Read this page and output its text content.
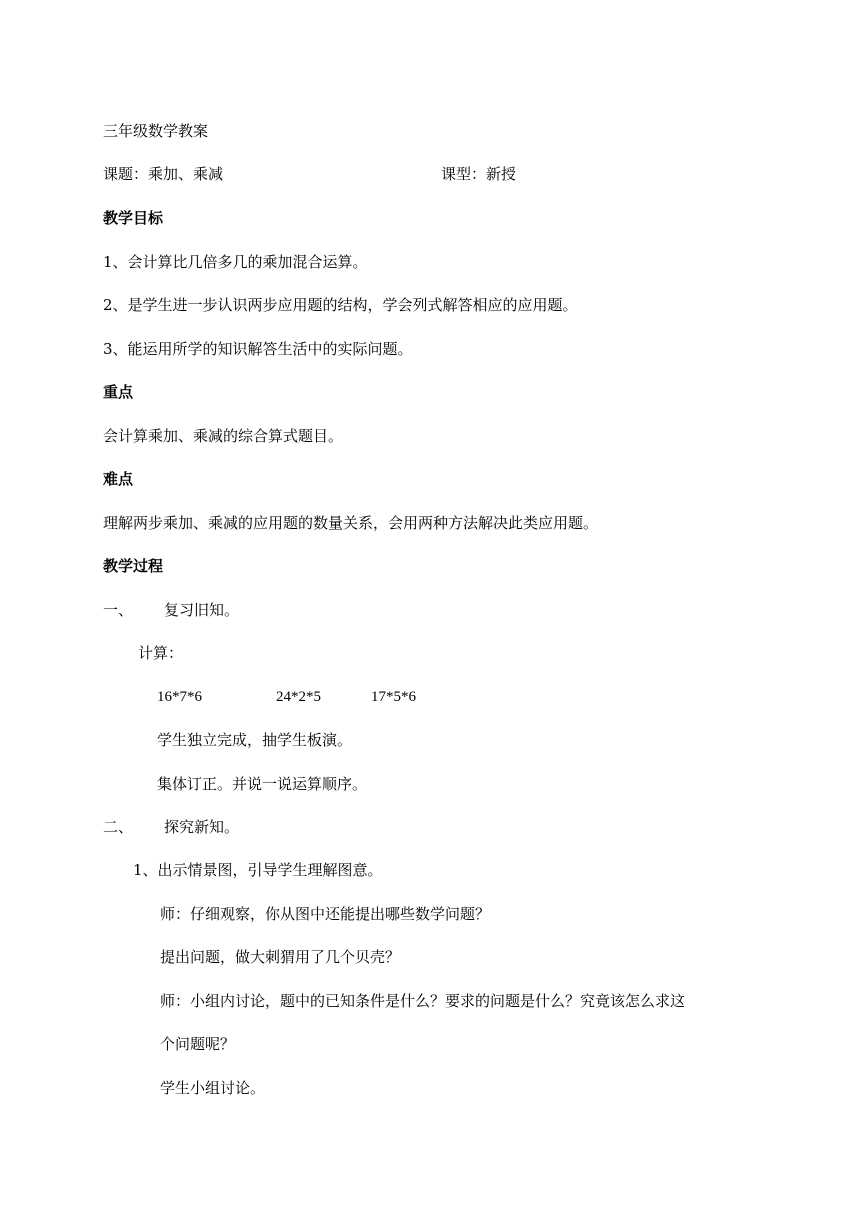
三年级数学教案
课题：乘加、乘减	课型：新授
教学目标
1、会计算比几倍多几的乘加混合运算。
2、是学生进一步认识两步应用题的结构，学会列式解答相应的应用题。
3、能运用所学的知识解答生活中的实际问题。
重点
会计算乘加、乘减的综合算式题目。
难点
理解两步乘加、乘减的应用题的数量关系，会用两种方法解决此类应用题。
教学过程
一、 复习旧知。
计算：
16*7*6	24*2*5	17*5*6
学生独立完成，抽学生板演。
集体订正。并说一说运算顺序。
二、 探究新知。
1、出示情景图，引导学生理解图意。
师：仔细观察，你从图中还能提出哪些数学问题？
提出问题，做大刺猬用了几个贝壳？
师：小组内讨论，题中的已知条件是什么？要求的问题是什么？究竟该怎么求这
个问题呢？
学生小组讨论。
